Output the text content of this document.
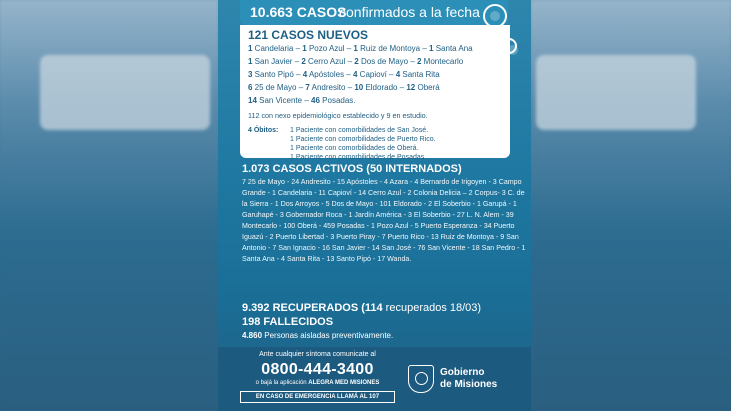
10.663 CASOS
confirmados a la fecha
121 CASOS NUEVOS
1 Candelaria – 1 Pozo Azul – 1 Ruiz de Montoya – 1 Santa Ana
1 San Javier – 2 Cerro Azul – 2 Dos de Mayo – 2 Montecarlo
3 Santo Pipó – 4 Apóstoles – 4 Capioví – 4 Santa Rita
6 25 de Mayo – 7 Andresito – 10 Eldorado – 12 Oberá
14 San Vicente – 46 Posadas.
112 con nexo epidemiológico establecido y 9 en estudio.
4 Óbitos:	1 Paciente con comorbilidades de San José.
1 Paciente con comorbilidades de Puerto Rico.
1 Paciente con comorbilidades de Oberá.
1 Paciente con comorbilidades de Posadas.
1.073 CASOS ACTIVOS (50 INTERNADOS)
7 25 de Mayo - 24 Andresito - 15 Apóstoles - 4 Azara - 4 Bernardo de Irigoyen - 3 Campo Grande - 1 Candelaria - 11 Capioví - 14 Cerro Azul - 2 Colonia Delicia – 2 Corpus- 3 C. de la Sierra - 1 Dos Arroyos - 5 Dos de Mayo - 101 Eldorado - 2 El Soberbio - 1 Garupá - 1 Garuhapé - 3 Gobernador Roca - 1 Jardín América - 3 El Soberbio - 27 L. N. Alem - 39 Montecarlo - 100 Oberá - 459 Posadas - 1 Pozo Azul - 5 Puerto Esperanza - 34 Puerto Iguazú - 2 Puerto Libertad - 3 Puerto Piray - 7 Puerto Rico - 13 Ruiz de Montoya - 9 San Antonio - 7 San Ignacio - 16 San Javier - 14 San José - 76 San Vicente - 18 San Pedro - 1 Santa Ana - 4 Santa Rita - 13 Santo Pipó - 17 Wanda.
9.392 RECUPERADOS (114 recuperados 18/03)
198 FALLECIDOS
4.860 Personas aisladas preventivamente.
Ante cualquier síntoma comunicate al
0800-444-3400
o bajá la aplicación ALEGRA MED MISIONES
EN CASO DE EMERGENCIA LLAMÁ AL 107
Gobierno
de Misiones
